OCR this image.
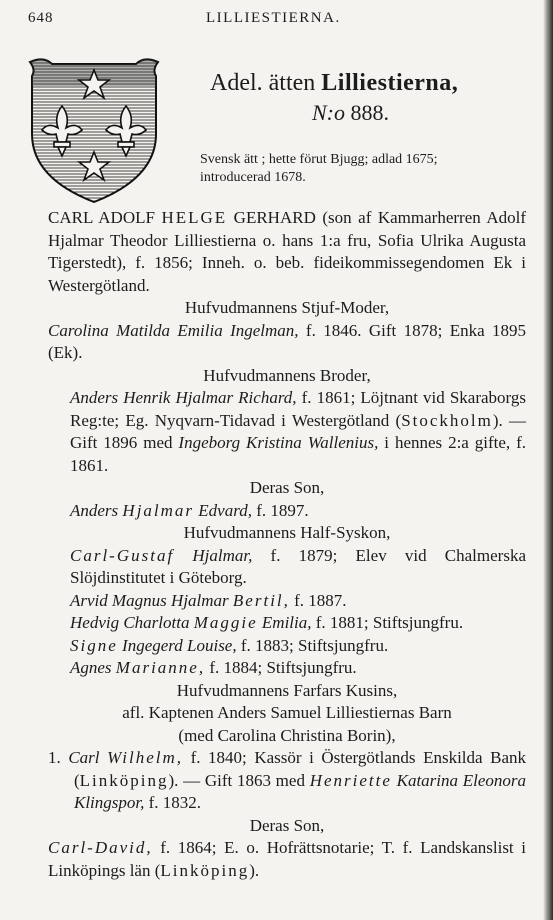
648	LILLIESTIERNA.
Adel. ätten Lilliestierna,
N:o 888.
Svensk ätt ; hette förut Bjugg; adlad 1675;
introducerad 1678.
CARL ADOLF HELGE GERHARD (son af Kammarherren Adolf Hjalmar Theodor Lilliestierna o. hans 1:a fru, Sofia Ulrika Augusta Tigerstedt), f. 1856; Inneh. o. beb. fideikommissegendomen Ek i Westergötland.
Hufvudmannens Stjuf-Moder,
Carolina Matilda Emilia Ingelman, f. 1846. Gift 1878; Enka 1895 (Ek).
Hufvudmannens Broder,
Anders Henrik Hjalmar Richard, f. 1861; Löjtnant vid Skaraborgs Reg:te; Eg. Nyqvarn-Tidavad i Westergötland (Stockholm). — Gift 1896 med Ingeborg Kristina Wallenius, i hennes 2:a gifte, f. 1861.
Deras Son,
Anders Hjalmar Edvard, f. 1897.
Hufvudmannens Half-Syskon,
Carl-Gustaf Hjalmar, f. 1879; Elev vid Chalmerska Slöjdinstitutet i Göteborg.
Arvid Magnus Hjalmar Bertil, f. 1887.
Hedvig Charlotta Maggie Emilia, f. 1881; Stiftsjungfru.
Signe Ingegerd Louise, f. 1883; Stiftsjungfru.
Agnes Marianne, f. 1884; Stiftsjungfru.
Hufvudmannens Farfars Kusins,
afl. Kaptenen Anders Samuel Lilliestiernas Barn
(med Carolina Christina Borin),
1. Carl Wilhelm, f. 1840; Kassör i Östergötlands Enskilda Bank (Linköping). — Gift 1863 med Henriette Katarina Eleonora Klingspor, f. 1832.
Deras Son,
Carl-David, f. 1864; E. o. Hofrättsnotarie; T. f. Landskanslist i Linköpings län (Linköping).
